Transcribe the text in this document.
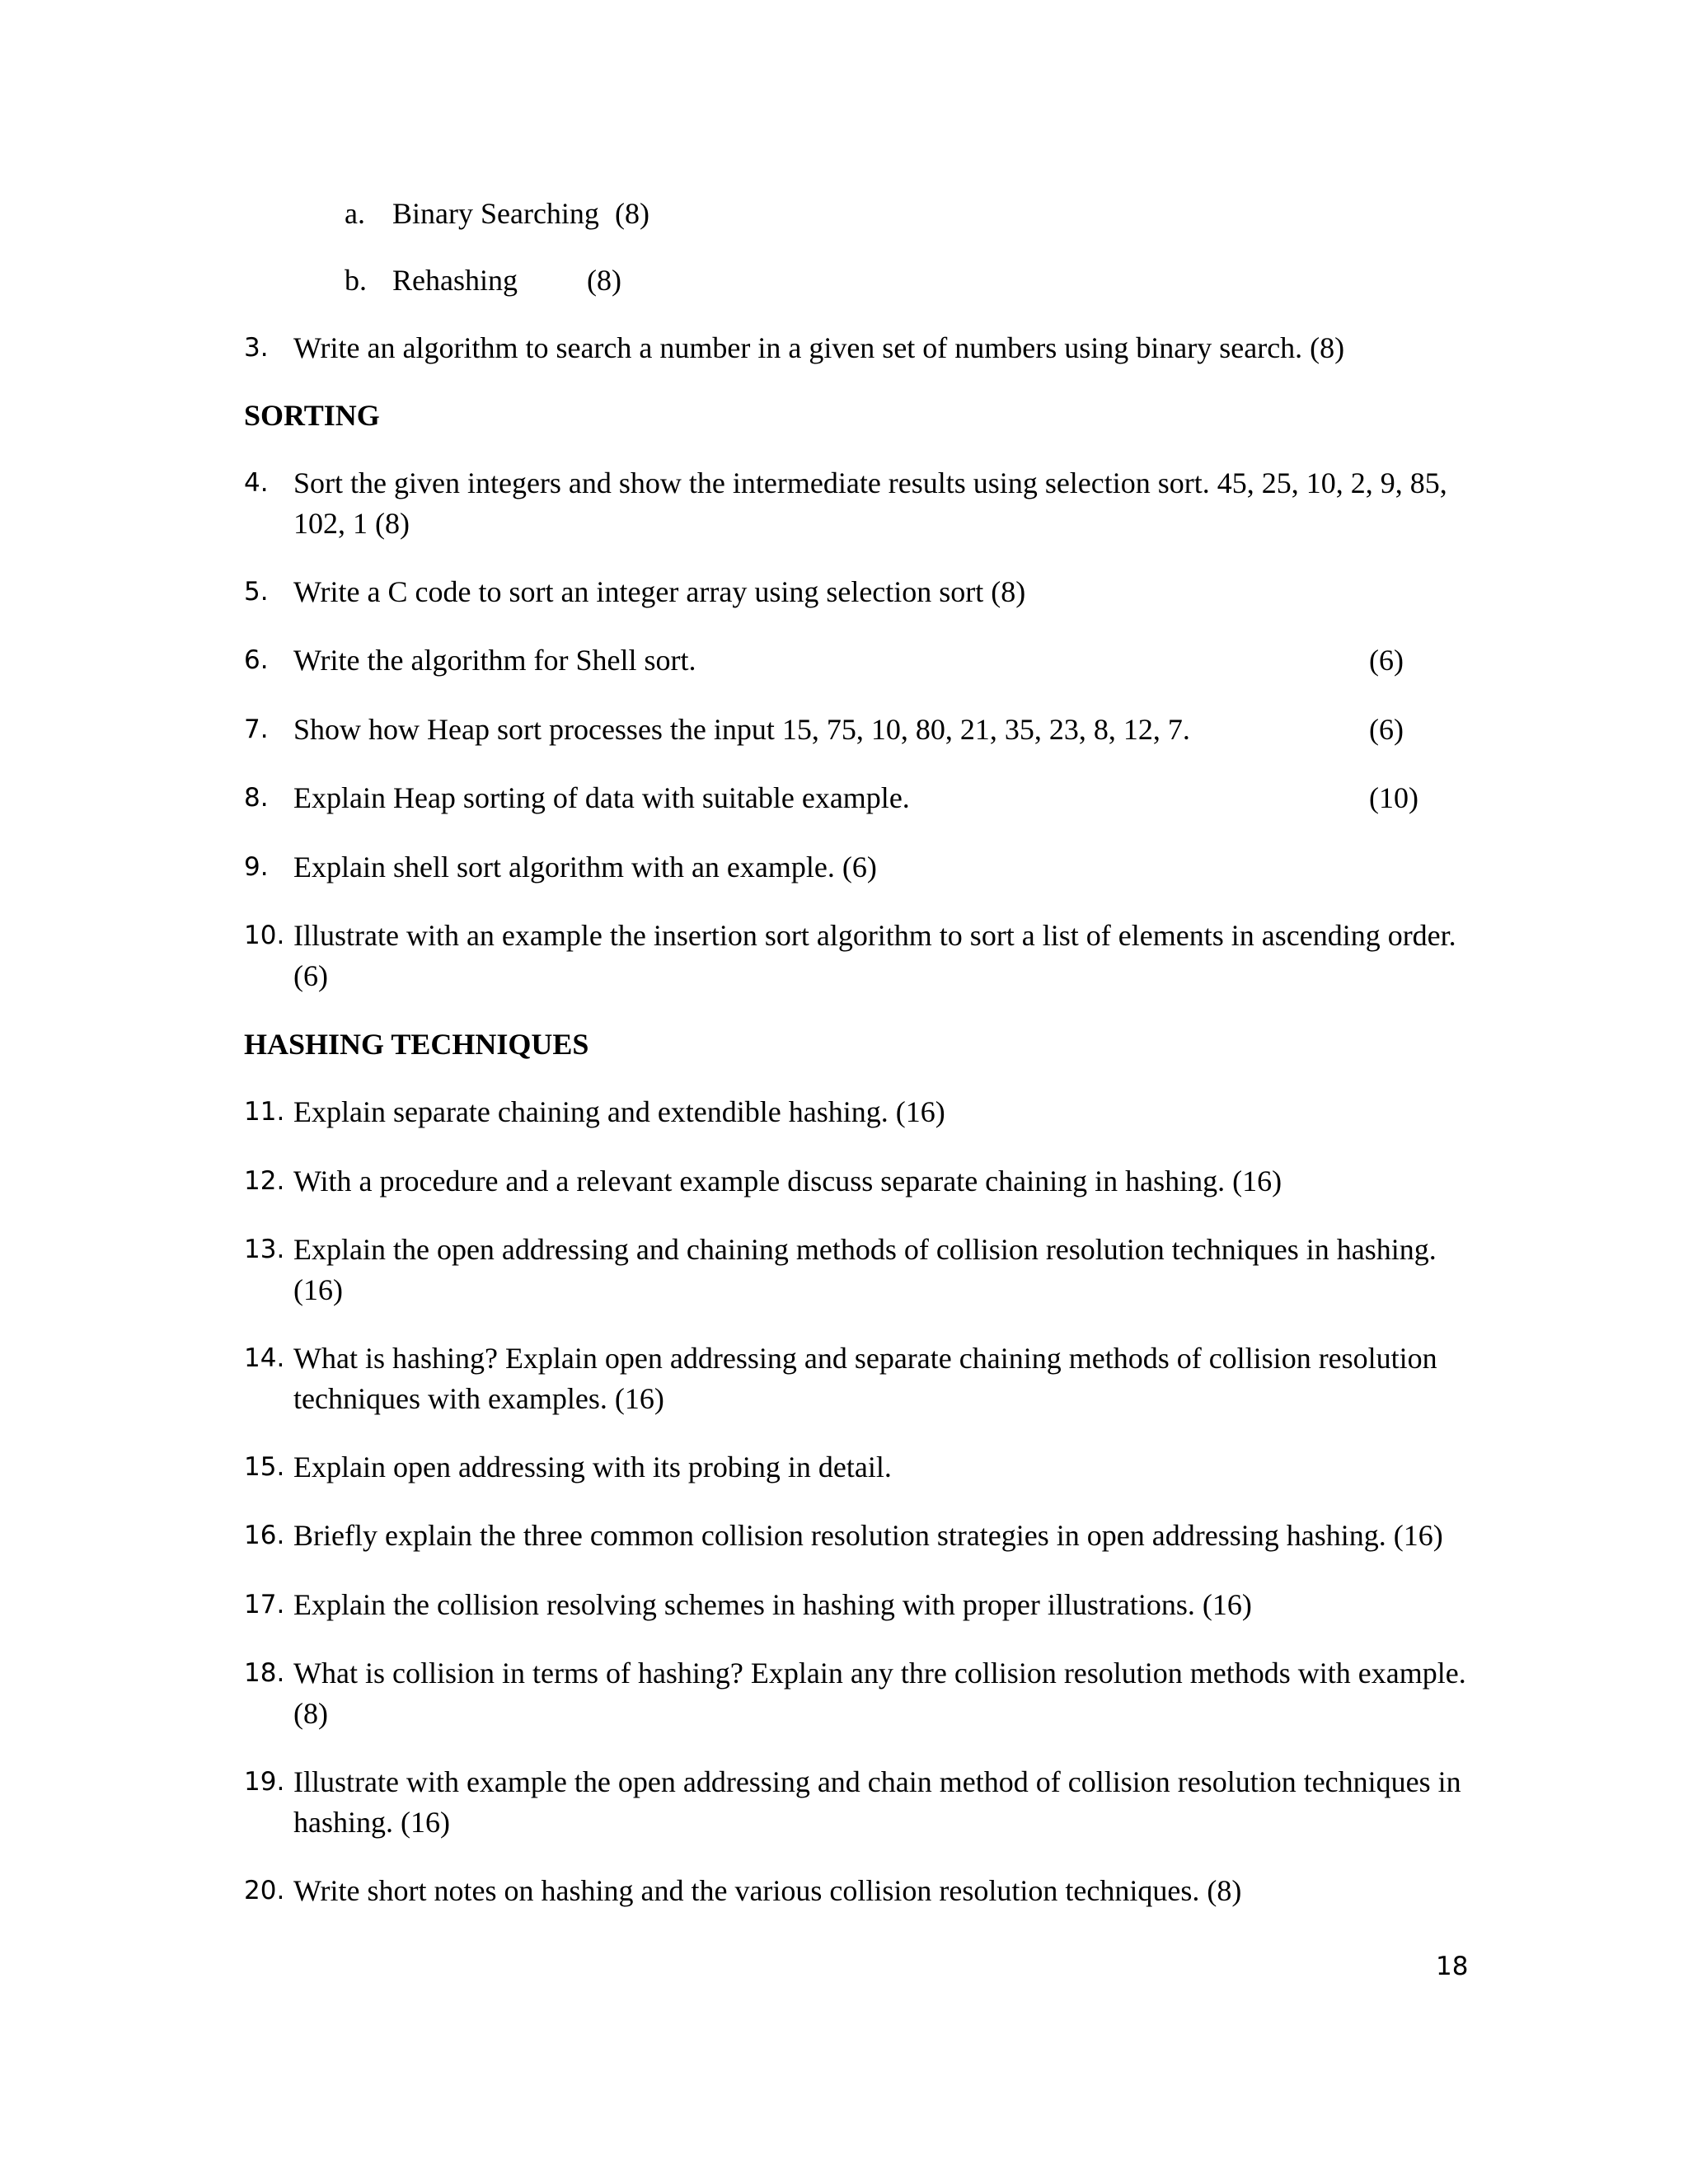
a. Binary Searching (8)
b. Rehashing (8)
3. Write an algorithm to search a number in a given set of numbers using binary search. (8)
SORTING
4. Sort the given integers and show the intermediate results using selection sort. 45, 25, 10, 2, 9, 85, 102, 1 (8)
5. Write a C code to sort an integer array using selection sort (8)
6. Write the algorithm for Shell sort.	(6)
7. Show how Heap sort processes the input 15, 75, 10, 80, 21, 35, 23, 8, 12, 7.	(6)
8. Explain Heap sorting of data with suitable example.	(10)
9. Explain shell sort algorithm with an example. (6)
10. Illustrate with an example the insertion sort algorithm to sort a list of elements in ascending order. (6)
HASHING TECHNIQUES
11. Explain separate chaining and extendible hashing. (16)
12. With a procedure and a relevant example discuss separate chaining in hashing. (16)
13. Explain the open addressing and chaining methods of collision resolution techniques in hashing. (16)
14. What is hashing? Explain open addressing and separate chaining methods of collision resolution techniques with examples. (16)
15. Explain open addressing with its probing in detail.
16. Briefly explain the three common collision resolution strategies in open addressing hashing. (16)
17. Explain the collision resolving schemes in hashing with proper illustrations. (16)
18. What is collision in terms of hashing? Explain any thre collision resolution methods with example. (8)
19. Illustrate with example the open addressing and chain method of collision resolution techniques in hashing. (16)
20. Write short notes on hashing and the various collision resolution techniques. (8)
18
